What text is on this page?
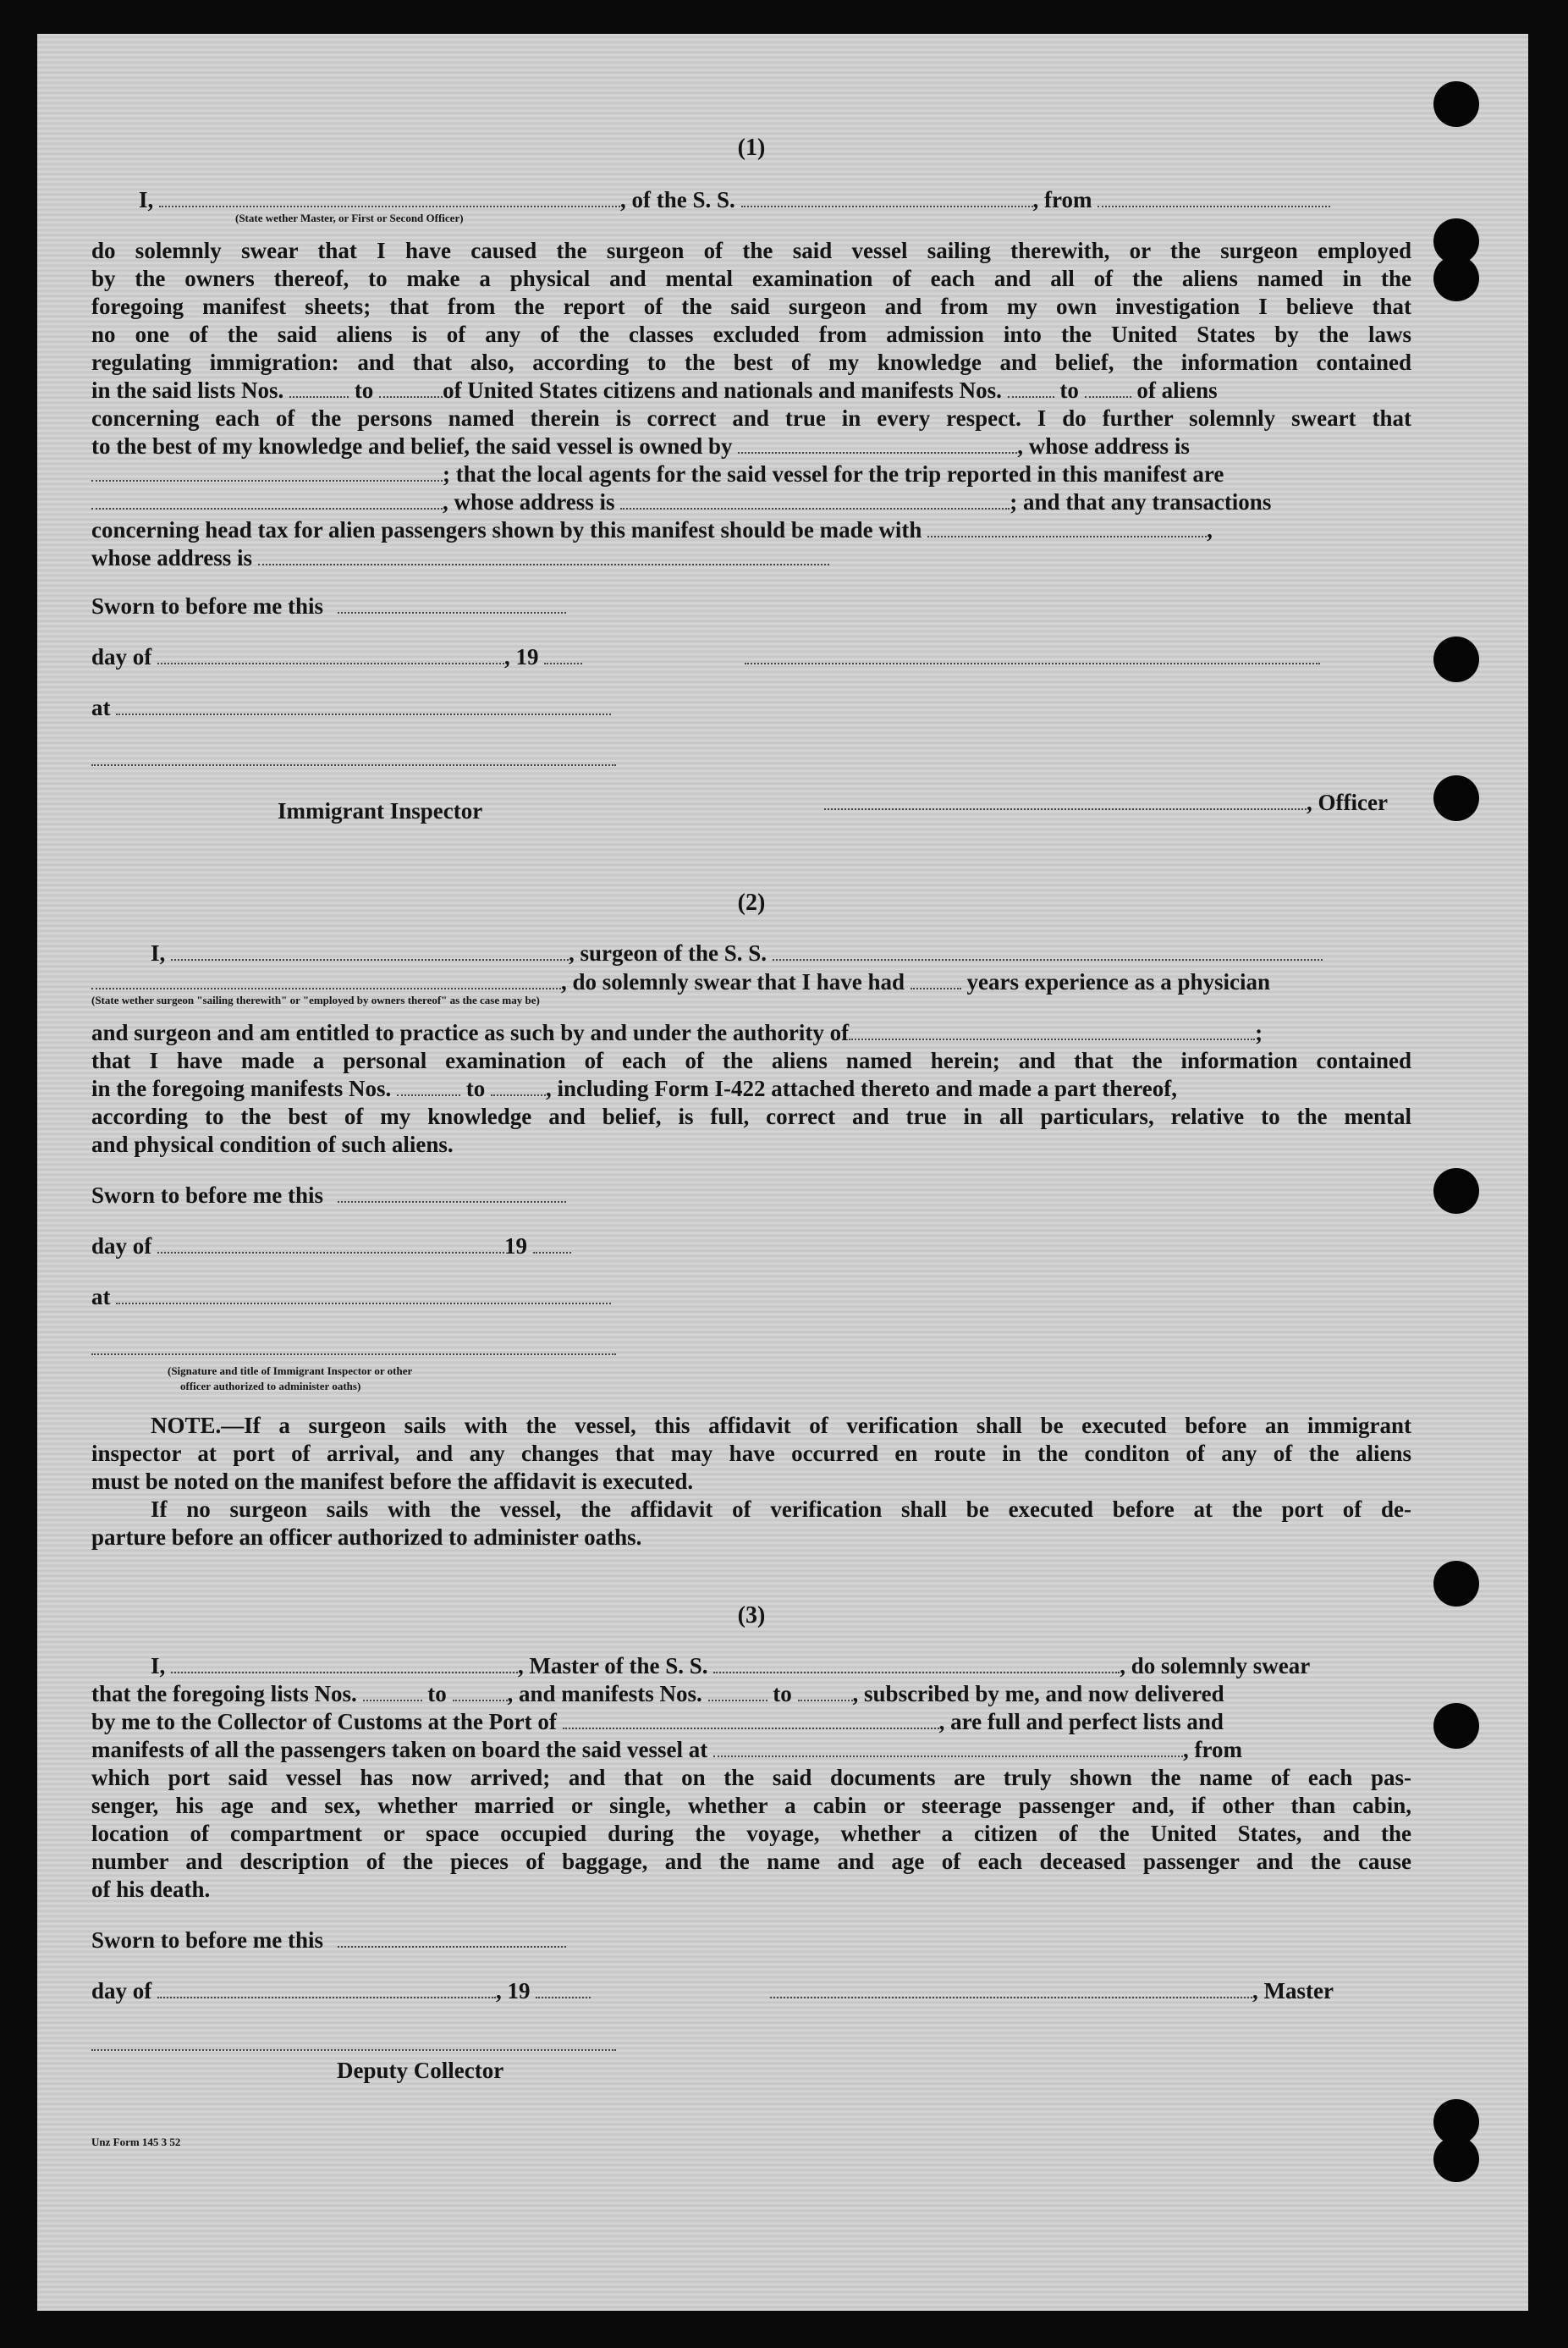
(1)
I,	, of the S. S.	, from
(State wether Master, or First or Second Officer)
do solemnly swear that I have caused the surgeon of the said vessel sailing therewith, or the surgeon employed
by the owners thereof, to make a physical and mental examination of each and all of the aliens named in the
foregoing manifest sheets; that from the report of the said surgeon and from my own investigation I believe that
no one of the said aliens is of any of the classes excluded from admission into the United States by the laws
regulating immigration: and that also, according to the best of my knowledge and belief, the information contained
in the said lists Nos.	to	of United States citizens and nationals and manifests Nos.	to	of aliens
concerning each of the persons named therein is correct and true in every respect. I do further solemnly sweart that
to the best of my knowledge and belief, the said vessel is owned by	, whose address is
; that the local agents for the said vessel for the trip reported in this manifest are
, whose address is	; and that any transactions
concerning head tax for alien passengers shown by this manifest should be made with	,
whose address is
Sworn to before me this
day of	, 19
at
Immigrant Inspector	, Officer
(2)
I,	, surgeon of the S. S.
, do solemnly swear that I have had	years experience as a physician
(State wether surgeon "sailing therewith" or "employed by owners thereof" as the case may be)
and surgeon and am entitled to practice as such by and under the authority of	;
that I have made a personal examination of each of the aliens named herein; and that the information contained
in the foregoing manifests Nos.	to	, including Form I-422 attached thereto and made a part thereof,
according to the best of my knowledge and belief, is full, correct and true in all particulars, relative to the mental
and physical condition of such aliens.
Sworn to before me this
day of	19
at
(Signature and title of Immigrant Inspector or other
officer authorized to administer oaths)
NOTE.—If a surgeon sails with the vessel, this affidavit of verification shall be executed before an immigrant
inspector at port of arrival, and any changes that may have occurred en route in the conditon of any of the aliens
must be noted on the manifest before the affidavit is executed.
If no surgeon sails with the vessel, the affidavit of verification shall be executed before at the port of de-
parture before an officer authorized to administer oaths.
(3)
I,	, Master of the S. S.	, do solemnly swear
that the foregoing lists Nos.	to	, and manifests Nos.	to	, subscribed by me, and now delivered
by me to the Collector of Customs at the Port of	, are full and perfect lists and
manifests of all the passengers taken on board the said vessel at	, from
which port said vessel has now arrived; and that on the said documents are truly shown the name of each pas-
senger, his age and sex, whether married or single, whether a cabin or steerage passenger and, if other than cabin,
location of compartment or space occupied during the voyage, whether a citizen of the United States, and the
number and description of the pieces of baggage, and the name and age of each deceased passenger and the cause
of his death.
Sworn to before me this
day of	, 19	, Master
Deputy Collector
Unz Form 145 3 52
